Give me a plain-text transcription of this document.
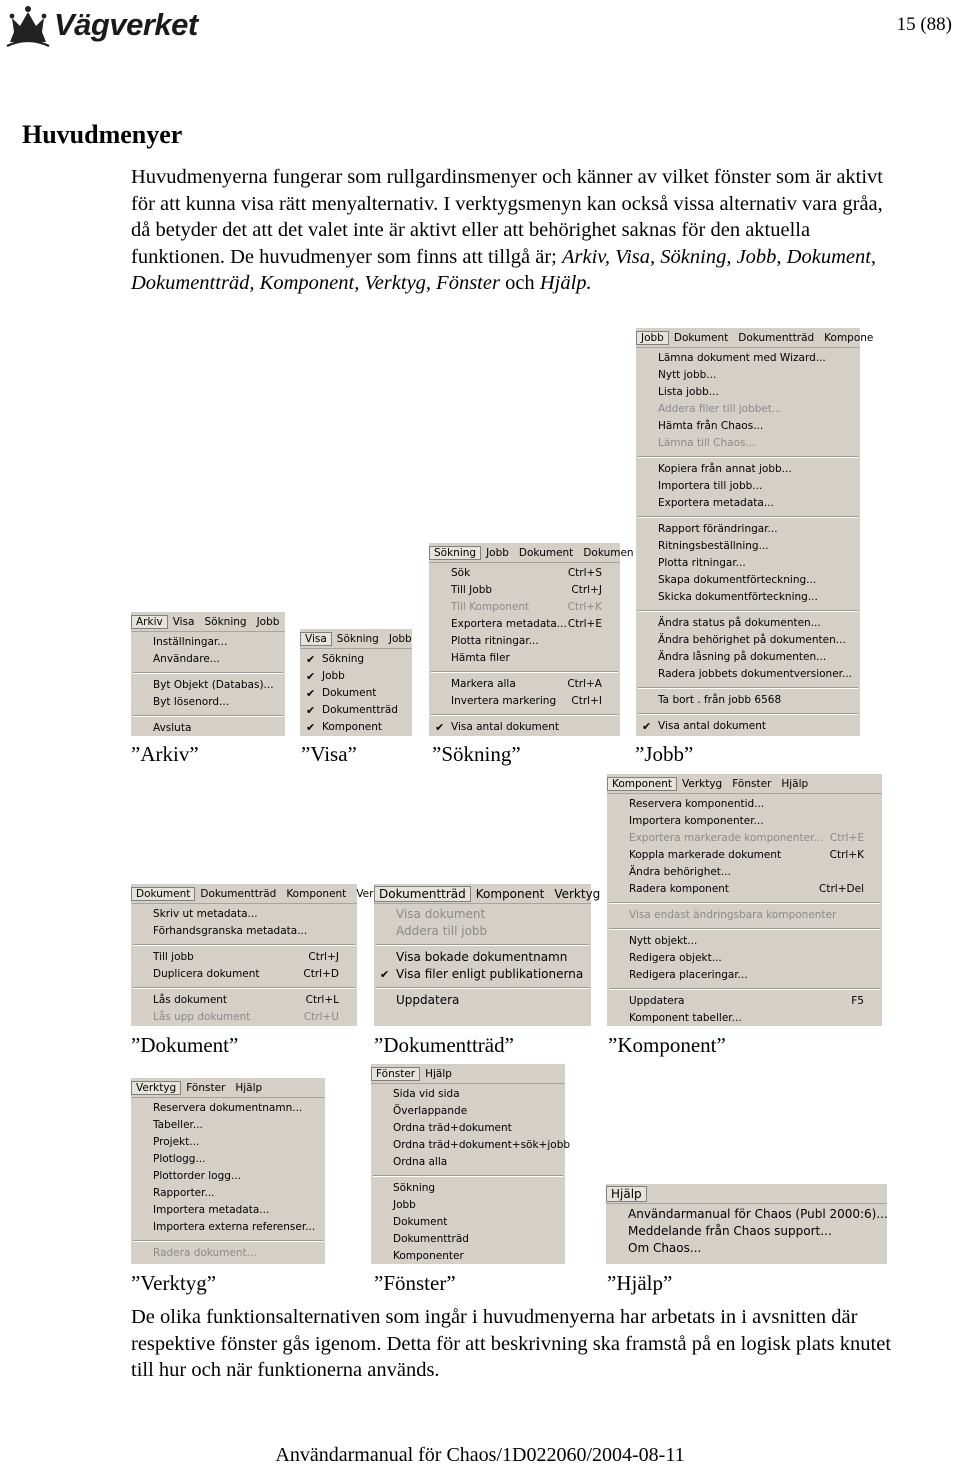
Vägverket	15 (88)
Huvudmenyer
Huvudmenyerna fungerar som rullgardinsmenyer och känner av vilket fönster som är aktivt för att kunna visa rätt menyalternativ. I verktygsmenyn kan också vissa alternativ vara gråa, då betyder det att det valet inte är aktivt eller att behörighet saknas för den aktuella funktionen. De huvudmenyer som finns att tillgå är; Arkiv, Visa, Sökning, Jobb, Dokument, Dokumentträd, Komponent, Verktyg, Fönster och Hjälp.
Arkiv Visa Sökning Jobb
Inställningar...
Användare...
Byt Objekt (Databas)...
Byt lösenord...
Avsluta
Visa Sökning Jobb
✔ Sökning
✔ Jobb
✔ Dokument
✔ Dokumentträd
✔ Komponent
Sökning Jobb Dokument Dokumen
Sök	Ctrl+S
Till Jobb	Ctrl+J
Till Komponent	Ctrl+K
Exportera metadata... Ctrl+E
Plotta ritningar...
Hämta filer
Markera alla	Ctrl+A
Invertera markering Ctrl+I
✔ Visa antal dokument
Jobb Dokument Dokumentträd Kompone
Lämna dokument med Wizard...
Nytt jobb...
Lista jobb...
Addera filer till jobbet...
Hämta från Chaos...
Lämna till Chaos...
Kopiera från annat jobb...
Importera till jobb...
Exportera metadata...
Rapport förändringar...
Ritningsbeställning...
Plotta ritningar...
Skapa dokumentförteckning...
Skicka dokumentförteckning...
Ändra status på dokumenten...
Ändra behörighet på dokumenten...
Ändra låsning på dokumenten...
Radera jobbets dokumentversioner...
Ta bort . från jobb 6568
✔ Visa antal dokument
”Arkiv”	”Visa”	”Sökning”	”Jobb”
Dokument Dokumentträd Komponent Ver
Skriv ut metadata...
Förhandsgranska metadata...
Till jobb	Ctrl+J
Duplicera dokument	Ctrl+D
Lås dokument	Ctrl+L
Lås upp dokument	Ctrl+U
Dokumentträd Komponent Verktyg
Visa dokument
Addera till jobb
Visa bokade dokumentnamn
✔ Visa filer enligt publikationerna
Uppdatera
Komponent Verktyg Fönster Hjälp
Reservera komponentid...
Importera komponenter...
Exportera markerade komponenter... Ctrl+E
Koppla markerade dokument	Ctrl+K
Ändra behörighet...
Radera komponent	Ctrl+Del
Visa endast ändringsbara komponenter
Nytt objekt...
Redigera objekt...
Redigera placeringar...
Uppdatera	F5
Komponent tabeller...
”Dokument”	”Dokumentträd”	”Komponent”
Verktyg Fönster Hjälp
Reservera dokumentnamn...
Tabeller...
Projekt...
Plotlogg...
Plottorder logg...
Rapporter...
Importera metadata...
Importera externa referenser...
Radera dokument...
Fönster Hjälp
Sida vid sida
Överlappande
Ordna träd+dokument
Ordna träd+dokument+sök+jobb
Ordna alla
Sökning
Jobb
Dokument
Dokumentträd
Komponenter
Hjälp
Användarmanual för Chaos (Publ 2000:6)...
Meddelande från Chaos support...
Om Chaos...
”Verktyg”	”Fönster”	”Hjälp”
De olika funktionsalternativen som ingår i huvudmenyerna har arbetats in i avsnitten där respektive fönster gås igenom. Detta för att beskrivning ska framstå på en logisk plats knutet till hur och när funktionerna används.
Användarmanual för Chaos/1D022060/2004-08-11
